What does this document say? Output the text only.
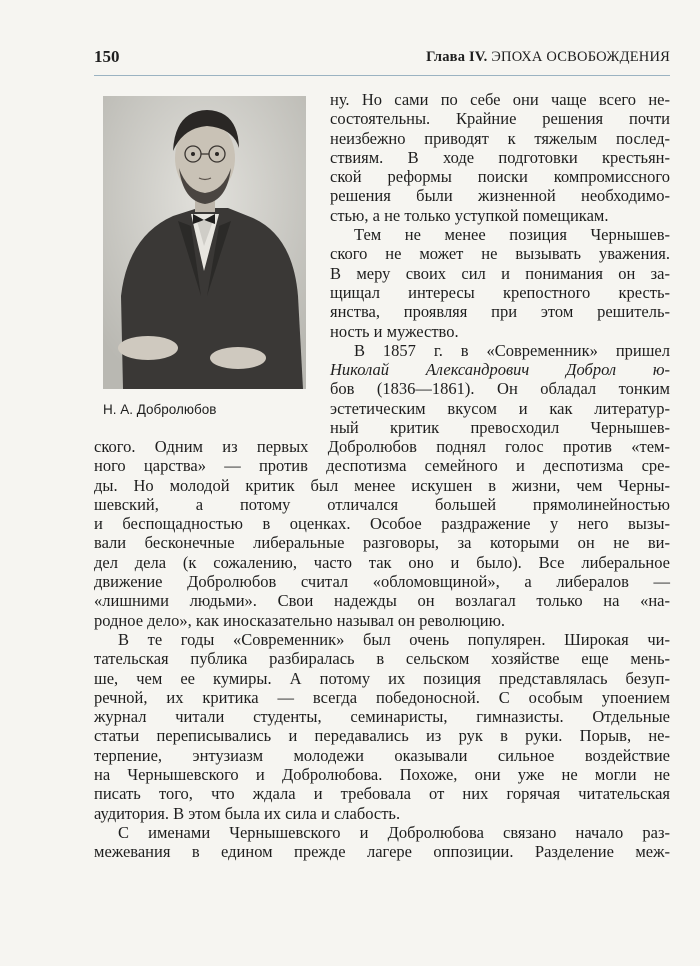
150	Глава IV. ЭПОХА ОСВОБОЖДЕНИЯ
Н. А. Добролюбов
ну. Но сами по себе они чаще всего не-
состоятельны. Крайние решения почти
неизбежно приводят к тяжелым послед-
ствиям. В ходе подготовки крестьян-
ской реформы поиски компромиссного
решения были жизненной необходимо-
стью, а не только уступкой помещикам.
Тем не менее позиция Чернышев-
ского не может не вызывать уважения.
В меру своих сил и понимания он за-
щищал интересы крепостного кресть-
янства, проявляя при этом решитель-
ность и мужество.
В 1857 г. в «Современник» пришел
Николай Александрович Доброл ю-
бов (1836—1861). Он обладал тонким
эстетическим вкусом и как литератур-
ный критик превосходил Чернышев-
ского. Одним из первых Добролюбов поднял голос против «тем-
ного царства» — против деспотизма семейного и деспотизма сре-
ды. Но молодой критик был менее искушен в жизни, чем Черны-
шевский, а потому отличался большей прямолинейностью
и беспощадностью в оценках. Особое раздражение у него вызы-
вали бесконечные либеральные разговоры, за которыми он не ви-
дел дела (к сожалению, часто так оно и было). Все либеральное
движение Добролюбов считал «обломовщиной», а либералов —
«лишними людьми». Свои надежды он возлагал только на «на-
родное дело», как иносказательно называл он революцию.
В те годы «Современник» был очень популярен. Широкая чи-
тательская публика разбиралась в сельском хозяйстве еще мень-
ше, чем ее кумиры. А потому их позиция представлялась безуп-
речной, их критика — всегда победоносной. С особым упоением
журнал читали студенты, семинаристы, гимназисты. Отдельные
статьи переписывались и передавались из рук в руки. Порыв, не-
терпение, энтузиазм молодежи оказывали сильное воздействие
на Чернышевского и Добролюбова. Похоже, они уже не могли не
писать того, что ждала и требовала от них горячая читательская
аудитория. В этом была их сила и слабость.
С именами Чернышевского и Добролюбова связано начало раз-
межевания в едином прежде лагере оппозиции. Разделение меж-
